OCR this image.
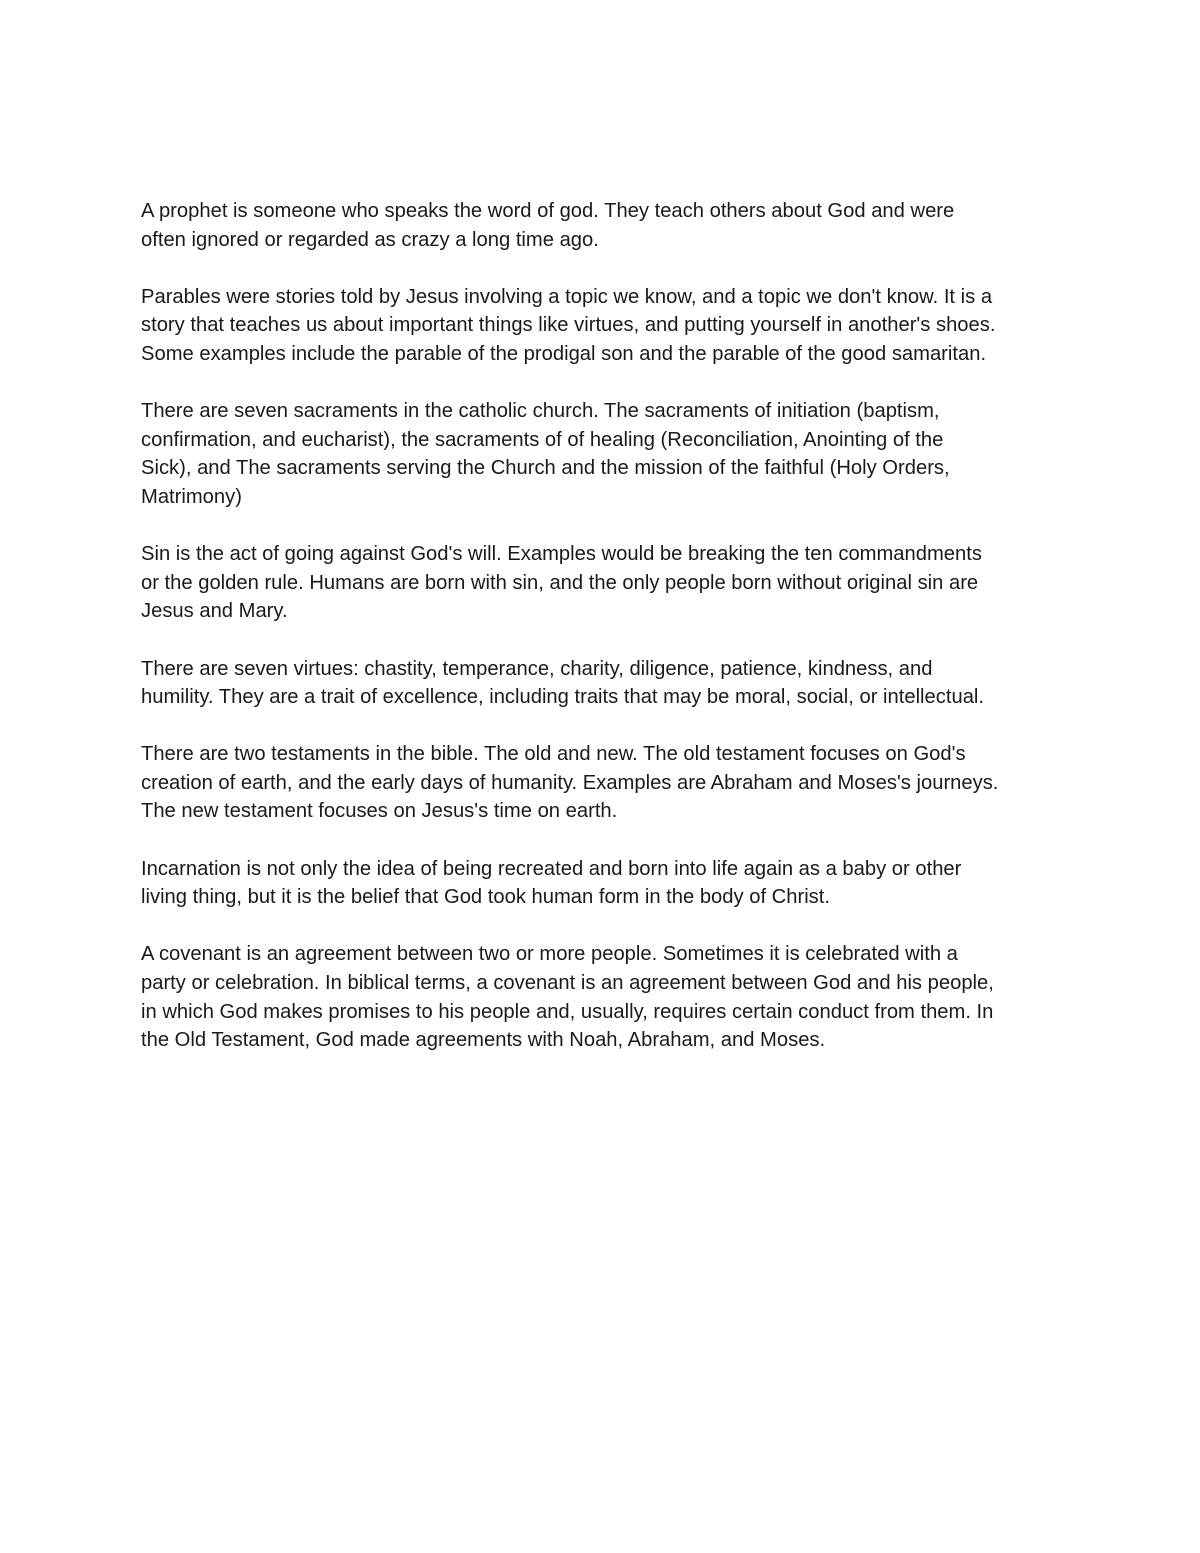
A prophet is someone who speaks the word of god. They teach others about God and were
often ignored or regarded as crazy a long time ago.

Parables were stories told by Jesus involving a topic we know, and a topic we don't know. It is a
story that teaches us about important things like virtues, and putting yourself in another's shoes.
Some examples include the parable of the prodigal son and the parable of the good samaritan.

There are seven sacraments in the catholic church. The sacraments of initiation (baptism,
confirmation, and eucharist), the sacraments of of healing (Reconciliation, Anointing of the
Sick), and The sacraments serving the Church and the mission of the faithful (Holy Orders,
Matrimony)

Sin is the act of going against God's will. Examples would be breaking the ten commandments
or the golden rule. Humans are born with sin, and the only people born without original sin are
Jesus and Mary.

There are seven virtues: chastity, temperance, charity, diligence, patience, kindness, and
humility. They are a trait of excellence, including traits that may be moral, social, or intellectual.

There are two testaments in the bible. The old and new. The old testament focuses on God's
creation of earth, and the early days of humanity. Examples are Abraham and Moses's journeys.
The new testament focuses on Jesus's time on earth.

Incarnation is not only the idea of being recreated and born into life again as a baby or other
living thing, but it is the belief that God took human form in the body of Christ.

A covenant is an agreement between two or more people. Sometimes it is celebrated with a
party or celebration. In biblical terms, a covenant is an agreement between God and his people,
in which God makes promises to his people and, usually, requires certain conduct from them. In
the Old Testament, God made agreements with Noah, Abraham, and Moses.
